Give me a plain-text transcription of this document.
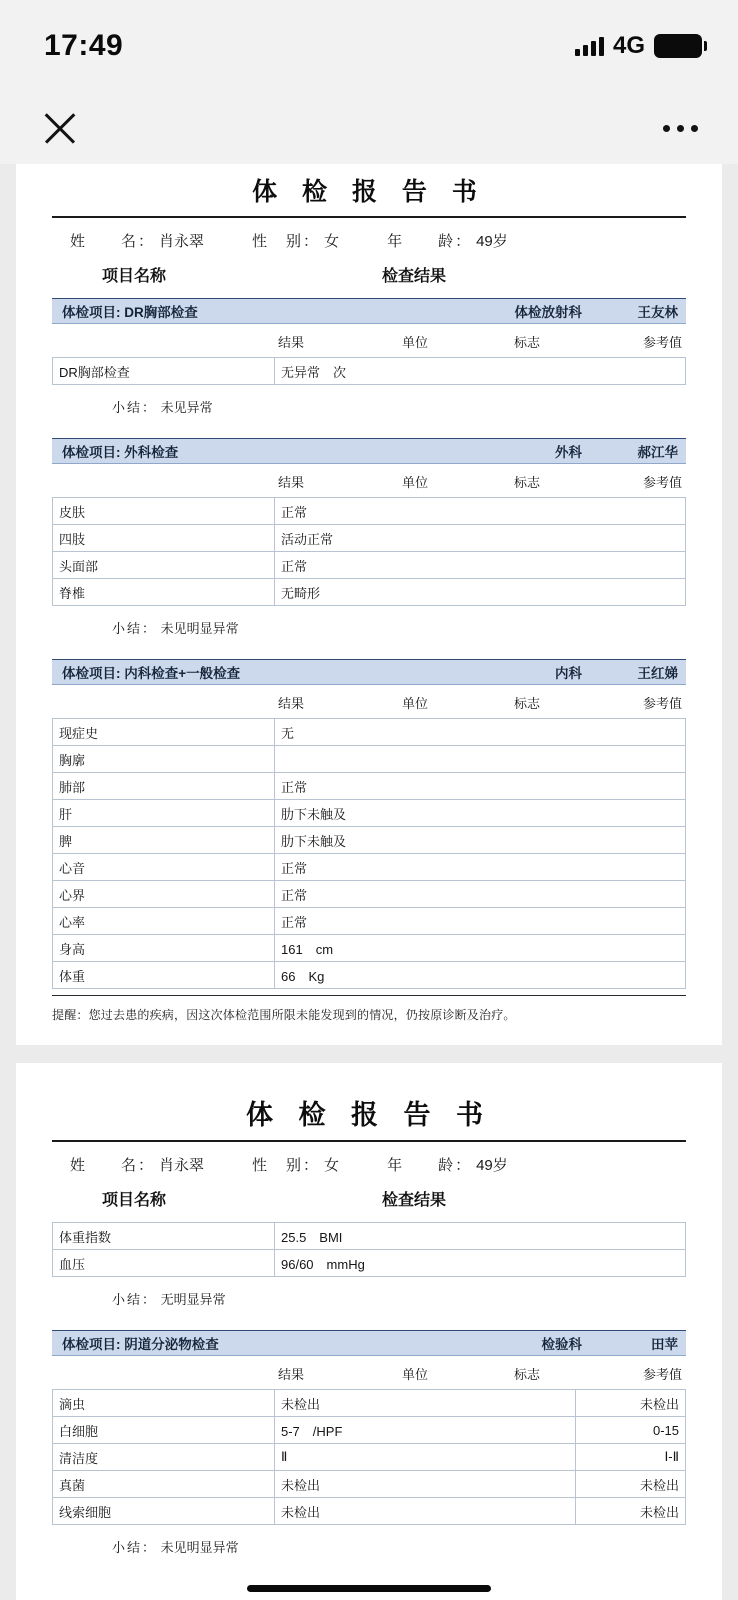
17:49	4G
体 检 报 告 书
姓　　名： 肖永翠	性　别： 女	年　　龄： 49岁
项目名称	检查结果
体检项目: DR胸部检查	体检放射科	王友林
结果	单位	标志	参考值
DR胸部检查	无异常　次
小结： 未见异常
体检项目: 外科检查	外科	郝江华
结果	单位	标志	参考值
皮肤	正常
四肢	活动正常
头面部	正常
脊椎	无畸形
小结： 未见明显异常
体检项目: 内科检查+一般检查	内科	王红娣
结果	单位	标志	参考值
现症史	无
胸廓	
肺部	正常
肝	肋下未触及
脾	肋下未触及
心音	正常
心界	正常
心率	正常
身高	161　cm
体重	66　Kg
提醒：您过去患的疾病，因这次体检范围所限未能发现到的情况，仍按原诊断及治疗。
体 检 报 告 书
姓　　名： 肖永翠	性　别： 女	年　　龄： 49岁
项目名称	检查结果
体重指数	25.5　BMI
血压	96/60　mmHg
小结： 无明显异常
体检项目: 阴道分泌物检查	检验科	田苹
结果	单位	标志	参考值
滴虫	未检出	未检出
白细胞	5-7　/HPF	0-15
清洁度	Ⅱ	Ⅰ-Ⅱ
真菌	未检出	未检出
线索细胞	未检出	未检出
小结： 未见明显异常
